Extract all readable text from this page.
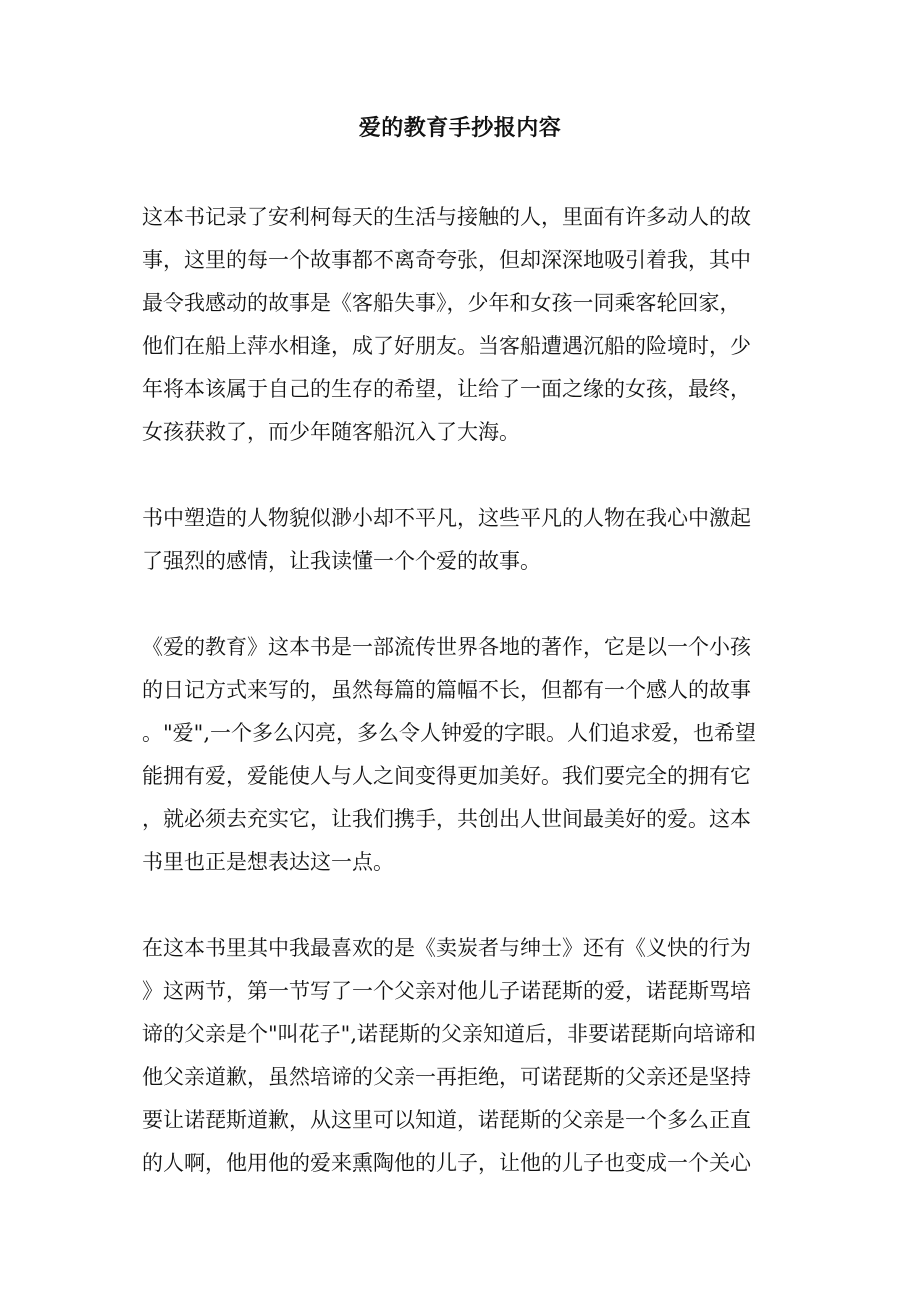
爱的教育手抄报内容
这本书记录了安利柯每天的生活与接触的人，里面有许多动人的故
事，这里的每一个故事都不离奇夸张，但却深深地吸引着我，其中
最令我感动的故事是《客船失事》，少年和女孩一同乘客轮回家，
他们在船上萍水相逢，成了好朋友。当客船遭遇沉船的险境时，少
年将本该属于自己的生存的希望，让给了一面之缘的女孩，最终，
女孩获救了，而少年随客船沉入了大海。
书中塑造的人物貌似渺小却不平凡，这些平凡的人物在我心中激起
了强烈的感情，让我读懂一个个爱的故事。
《爱的教育》这本书是一部流传世界各地的著作，它是以一个小孩
的日记方式来写的，虽然每篇的篇幅不长，但都有一个感人的故事
。"爱",一个多么闪亮，多么令人钟爱的字眼。人们追求爱，也希望
能拥有爱，爱能使人与人之间变得更加美好。我们要完全的拥有它
，就必须去充实它，让我们携手，共创出人世间最美好的爱。这本
书里也正是想表达这一点。
在这本书里其中我最喜欢的是《卖炭者与绅士》还有《义快的行为
》这两节，第一节写了一个父亲对他儿子诺琵斯的爱，诺琵斯骂培
谛的父亲是个"叫花子",诺琵斯的父亲知道后，非要诺琵斯向培谛和
他父亲道歉，虽然培谛的父亲一再拒绝，可诺琵斯的父亲还是坚持
要让诺琵斯道歉，从这里可以知道，诺琵斯的父亲是一个多么正直
的人啊，他用他的爱来熏陶他的儿子，让他的儿子也变成一个关心
